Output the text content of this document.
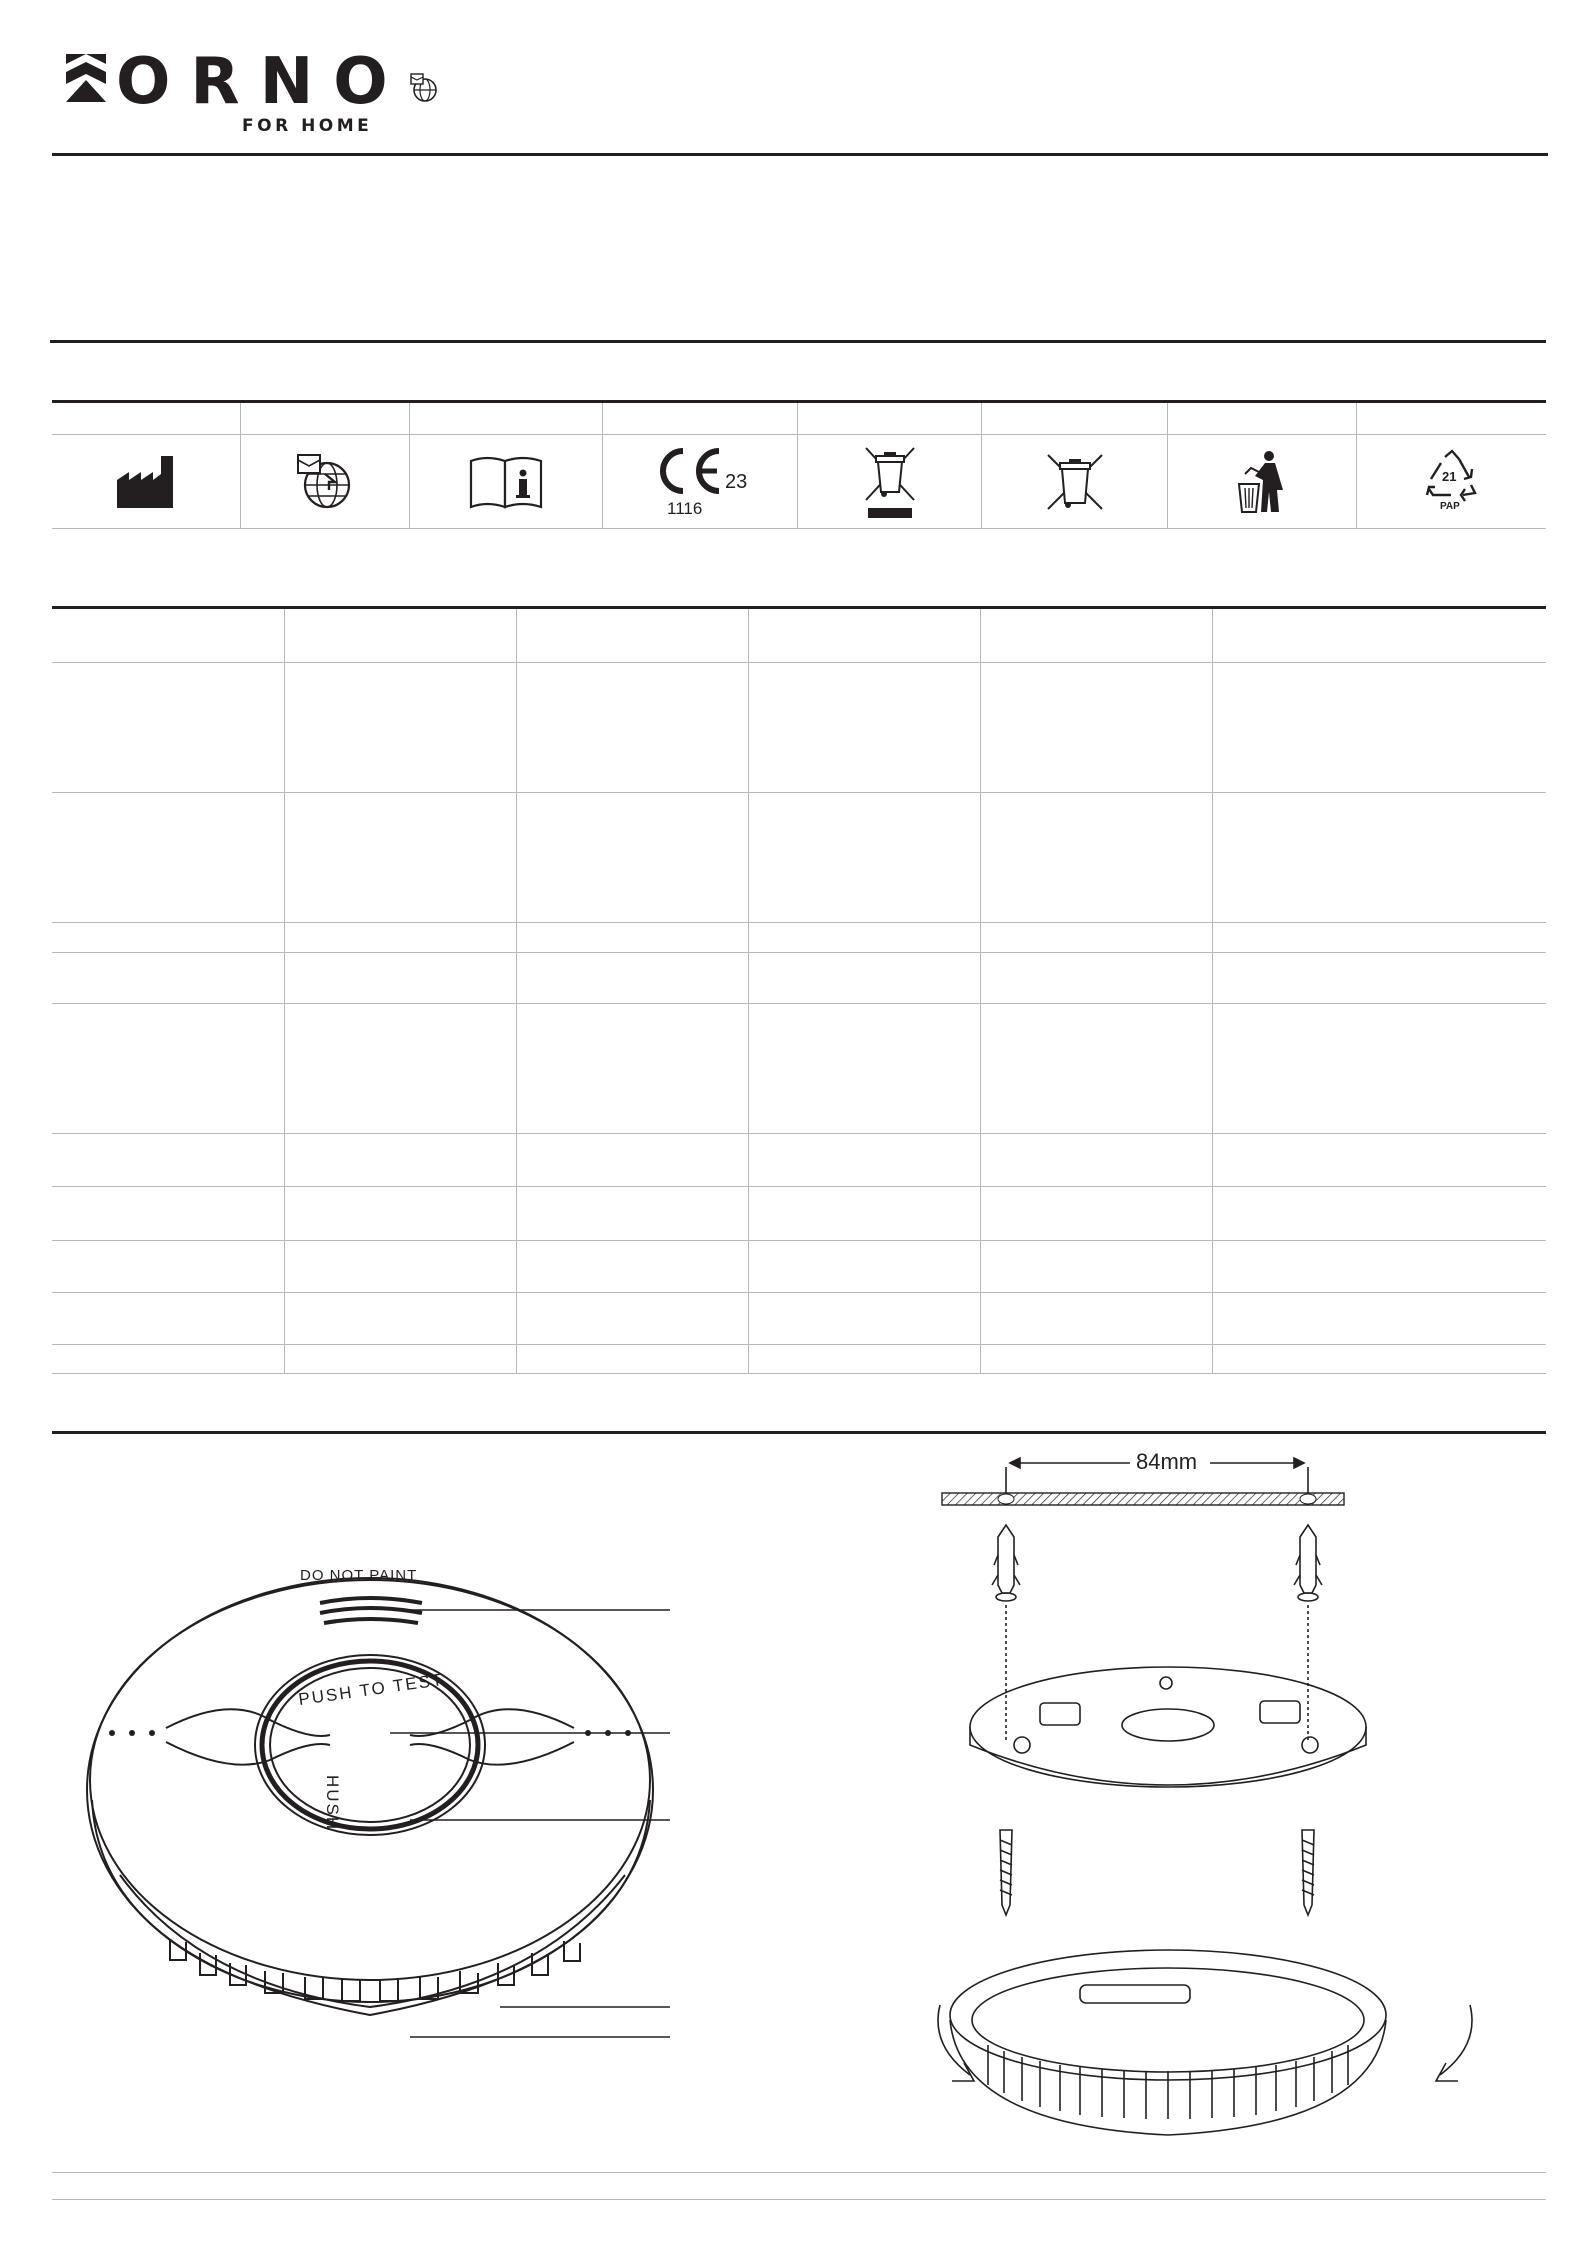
ORNO
FOR HOME
23
1116
21
PAP
DO NOT PAINT
PUSH TO TEST
HUSH
84mm
